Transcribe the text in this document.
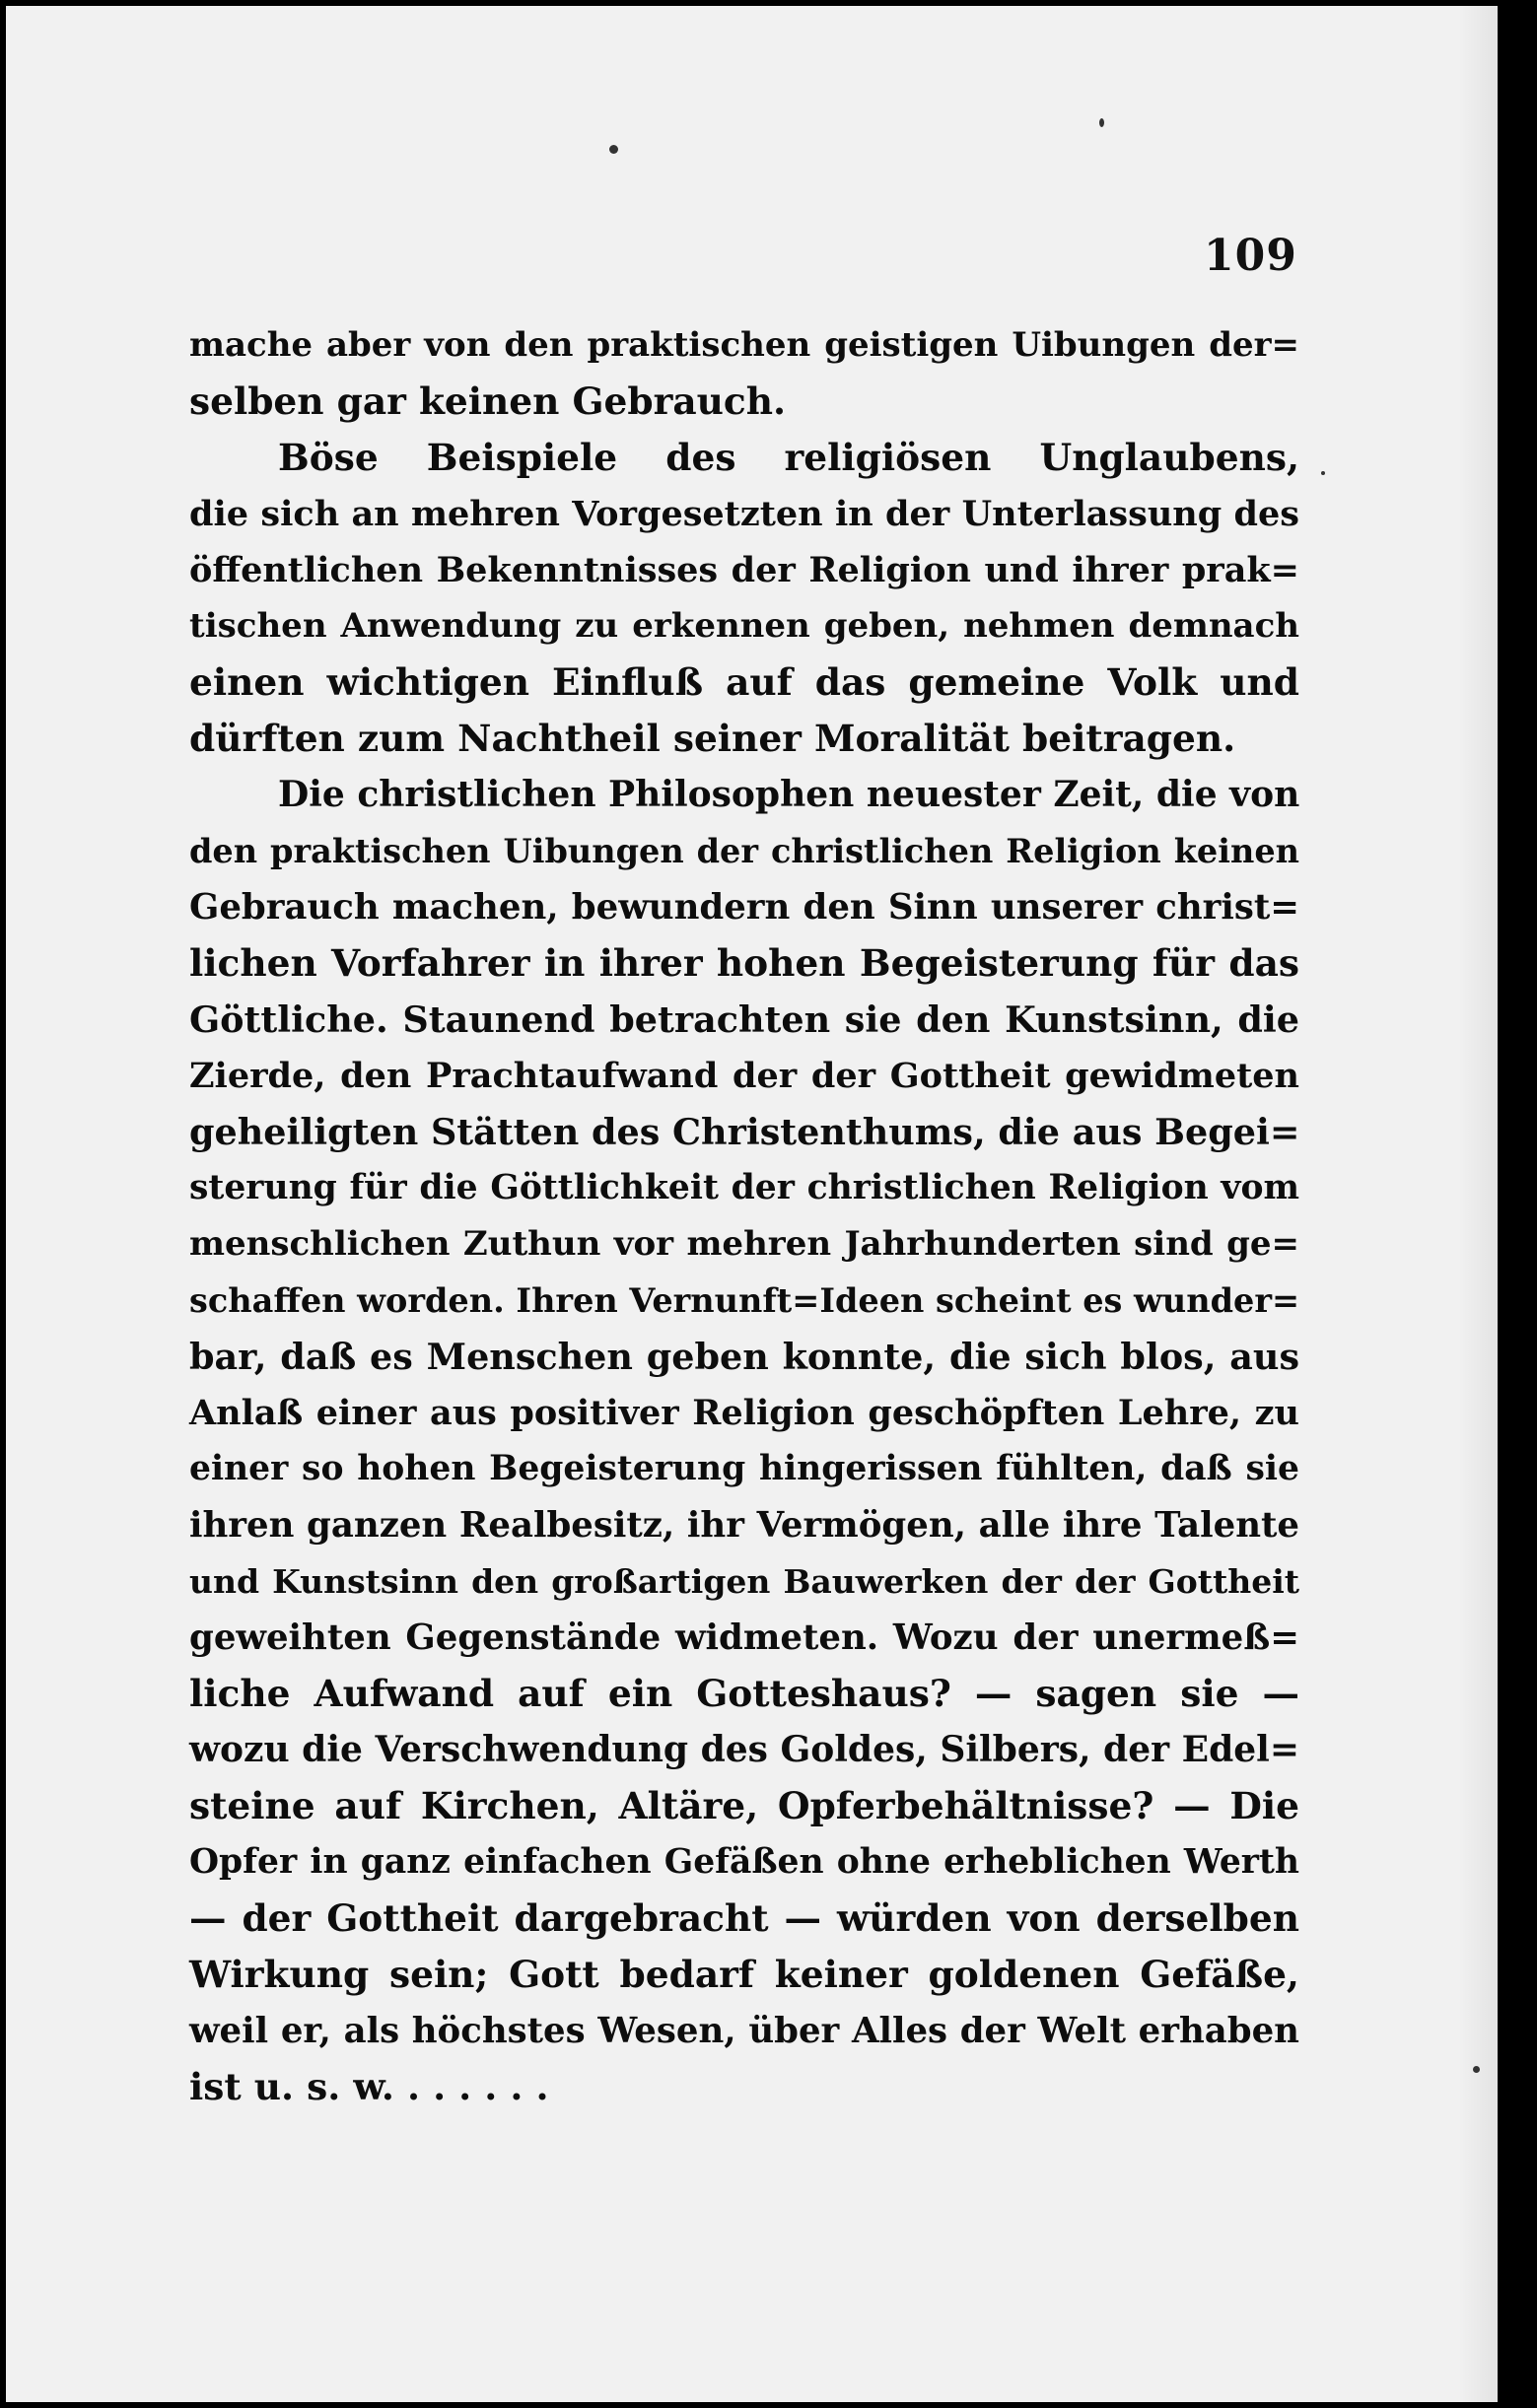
109
mache aber von den praktischen geistigen Uibungen der=
selben gar keinen Gebrauch.
Böse Beispiele des religiösen Unglaubens,
die sich an mehren Vorgesetzten in der Unterlassung des
öffentlichen Bekenntnisses der Religion und ihrer prak=
tischen Anwendung zu erkennen geben, nehmen demnach
einen wichtigen Einfluß auf das gemeine Volk und
dürften zum Nachtheil seiner Moralität beitragen.
Die christlichen Philosophen neuester Zeit, die von
den praktischen Uibungen der christlichen Religion keinen
Gebrauch machen, bewundern den Sinn unserer christ=
lichen Vorfahrer in ihrer hohen Begeisterung für das
Göttliche. Staunend betrachten sie den Kunstsinn, die
Zierde, den Prachtaufwand der der Gottheit gewidmeten
geheiligten Stätten des Christenthums, die aus Begei=
sterung für die Göttlichkeit der christlichen Religion vom
menschlichen Zuthun vor mehren Jahrhunderten sind ge=
schaffen worden. Ihren Vernunft=Ideen scheint es wunder=
bar, daß es Menschen geben konnte, die sich blos, aus
Anlaß einer aus positiver Religion geschöpften Lehre, zu
einer so hohen Begeisterung hingerissen fühlten, daß sie
ihren ganzen Realbesitz, ihr Vermögen, alle ihre Talente
und Kunstsinn den großartigen Bauwerken der der Gottheit
geweihten Gegenstände widmeten. Wozu der unermeß=
liche Aufwand auf ein Gotteshaus? — sagen sie —
wozu die Verschwendung des Goldes, Silbers, der Edel=
steine auf Kirchen, Altäre, Opferbehältnisse? — Die
Opfer in ganz einfachen Gefäßen ohne erheblichen Werth
— der Gottheit dargebracht — würden von derselben
Wirkung sein; Gott bedarf keiner goldenen Gefäße,
weil er, als höchstes Wesen, über Alles der Welt erhaben
ist u. s. w. . . . . . .
